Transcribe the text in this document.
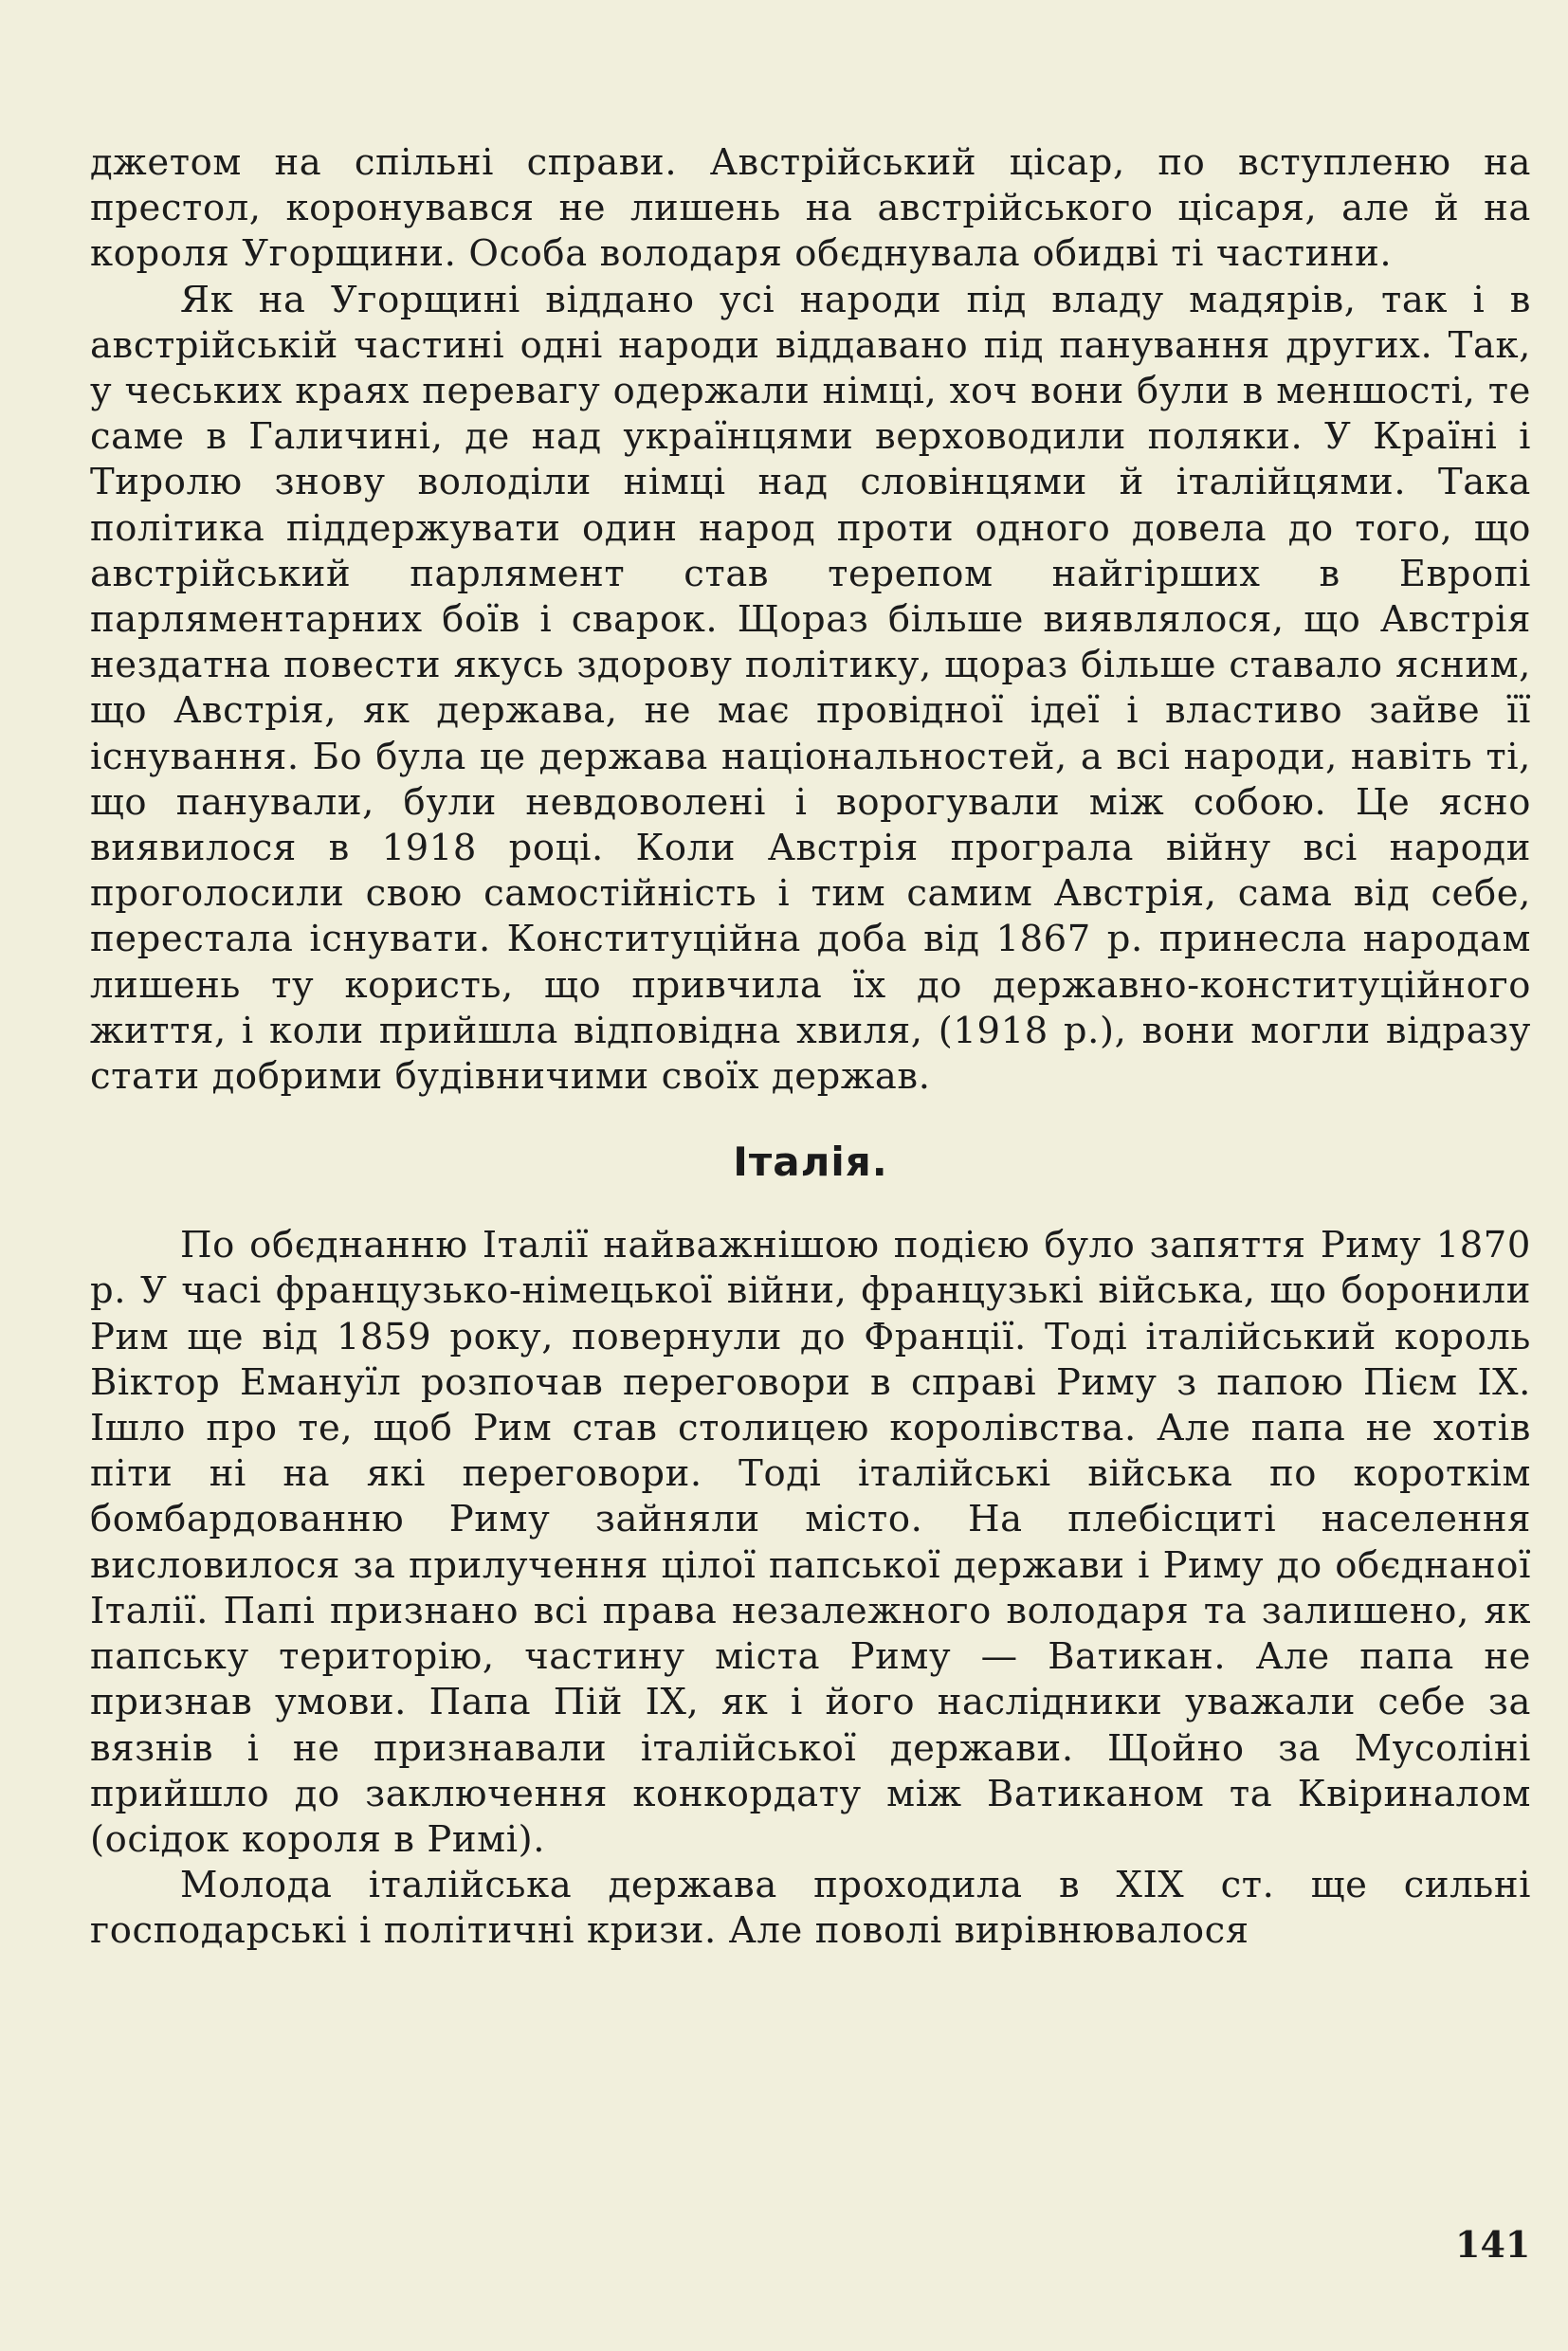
джетом на спільні справи. Австрійський цісар, по вступленю на престол, коронувався не лишень на австрійського цісаря, але й на короля Угорщини. Особа володаря обєднувала обидві ті частини.

Як на Угорщині віддано усі народи під владу мадярів, так і в австрійській частині одні народи віддавано під панування других. Так, у чеських краях перевагу одержали німці, хоч вони були в меншості, те саме в Галичині, де над українцями верховодили поляки. У Країні і Тиролю знову володіли німці над словінцями й італійцями. Така політика піддержувати один народ проти одного довела до того, що австрійський парлямент став терепом найгірших в Европі парляментарних боїв і сварок. Щораз більше виявлялося, що Австрія нездатна повести якусь здорову політику, щораз більше ставало ясним, що Австрія, як держава, не має провідної ідеї і властиво зайве її існування. Бо була це держава національностей, а всі народи, навіть ті, що панували, були невдоволені і ворогували між собою. Це ясно виявилося в 1918 році. Коли Австрія програла війну всі народи проголосили свою самостійність і тим самим Австрія, сама від себе, перестала існувати. Конституційна доба від 1867 р. принесла народам лишень ту користь, що привчила їх до державно-конституційного життя, і коли прийшла відповідна хвиля, (1918 р.), вони могли відразу стати добрими будівничими своїх держав.

Італія.

По обєднанню Італії найважнішою подією було запяття Риму 1870 р. У часі французько-німецької війни, французькі війська, що боронили Рим ще від 1859 року, повернули до Франції. Тоді італійський король Віктор Емануїл розпочав переговори в справі Риму з папою Пієм IX. Ішло про те, щоб Рим став столицею королівства. Але папа не хотів піти ні на які переговори. Тоді італійські війська по короткім бомбардованню Риму зайняли місто. На плебісциті населення висловилося за прилучення цілої папської держави і Риму до обєднаної Італії. Папі признано всі права незалежного володаря та залишено, як папську територію, частину міста Риму — Ватикан. Але папа не признав умови. Папа Пій IX, як і його наслідники уважали себе за вязнів і не признавали італійської держави. Щойно за Мусоліні прийшло до заключення конкордату між Ватиканом та Квіриналом (осідок короля в Римі).

Молода італійська держава проходила в XIX ст. ще сильні господарські і політичні кризи. Але поволі вирівнювалося

141
